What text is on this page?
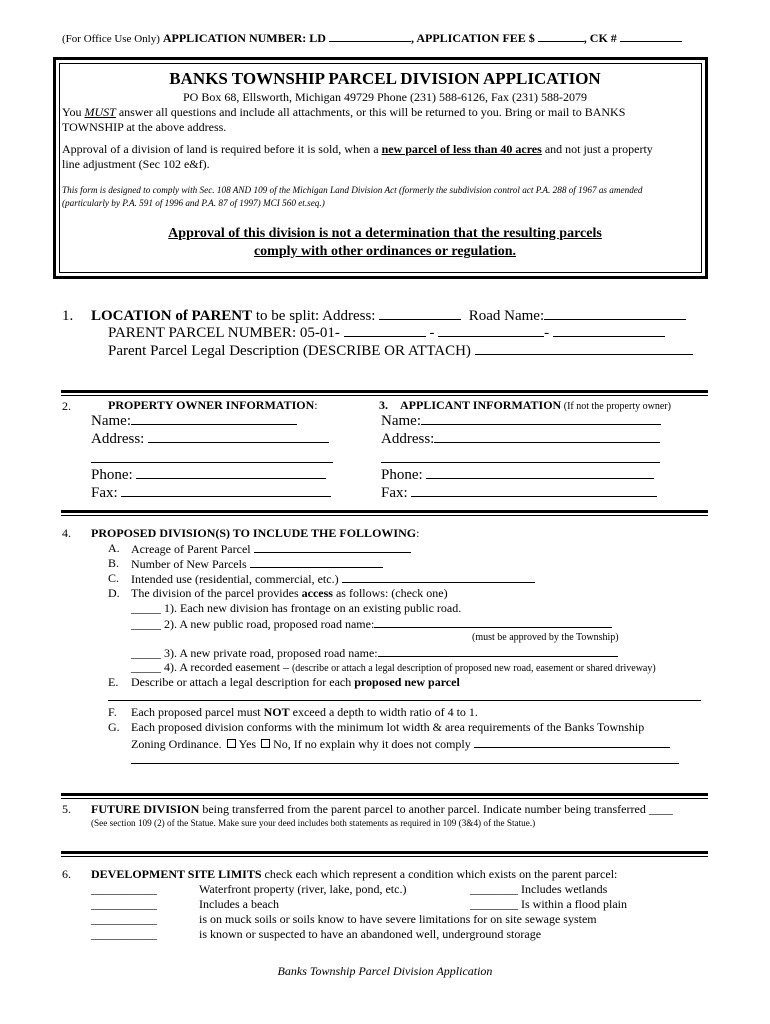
(For Office Use Only) APPLICATION NUMBER: LD	, APPLICATION FEE $	, CK #
BANKS TOWNSHIP PARCEL DIVISION APPLICATION
PO Box 68, Ellsworth, Michigan 49729 Phone (231) 588-6126, Fax (231) 588-2079
You MUST answer all questions and include all attachments, or this will be returned to you. Bring or mail to BANKS
TOWNSHIP at the above address.
Approval of a division of land is required before it is sold, when a new parcel of less than 40 acres and not just a property
line adjustment (Sec 102 e&f).
This form is designed to comply with Sec. 108 AND 109 of the Michigan Land Division Act (formerly the subdivision control act P.A. 288 of 1967 as amended
(particularly by P.A. 591 of 1996 and P.A. 87 of 1997) MCI 560 et.seq.)
Approval of this division is not a determination that the resulting parcels
comply with other ordinances or regulation.
1. LOCATION of PARENT to be split: Address:	Road Name:
PARENT PARCEL NUMBER: 05-01-	-	-
Parent Parcel Legal Description (DESCRIBE OR ATTACH)
2.	PROPERTY OWNER INFORMATION:	3. APPLICANT INFORMATION (If not the property owner)
Name:
Address:
Phone:
Fax:
Name:
Address:
Phone:
Fax:
4. PROPOSED DIVISION(S) TO INCLUDE THE FOLLOWING:
A. Acreage of Parent Parcel
B. Number of New Parcels
C. Intended use (residential, commercial, etc.)
D. The division of the parcel provides access as follows: (check one)
_____ 1). Each new division has frontage on an existing public road.
_____ 2). A new public road, proposed road name:
(must be approved by the Township)
_____ 3). A new private road, proposed road name:
_____ 4). A recorded easement – (describe or attach a legal description of proposed new road, easement or shared driveway)
E. Describe or attach a legal description for each proposed new parcel
F. Each proposed parcel must NOT exceed a depth to width ratio of 4 to 1.
G. Each proposed division conforms with the minimum lot width & area requirements of the Banks Township
Zoning Ordinance. Yes No, If no explain why it does not comply
5. FUTURE DIVISION being transferred from the parent parcel to another parcel. Indicate number being transferred ____
(See section 109 (2) of the Statue. Make sure your deed includes both statements as required in 109 (3&4) of the Statue.)
6. DEVELOPMENT SITE LIMITS check each which represent a condition which exists on the parent parcel:
___________	Waterfront property (river, lake, pond, etc.)	________ Includes wetlands
___________	Includes a beach	________ Is within a flood plain
___________	is on muck soils or soils know to have severe limitations for on site sewage system
___________	is known or suspected to have an abandoned well, underground storage
Banks Township Parcel Division Application
